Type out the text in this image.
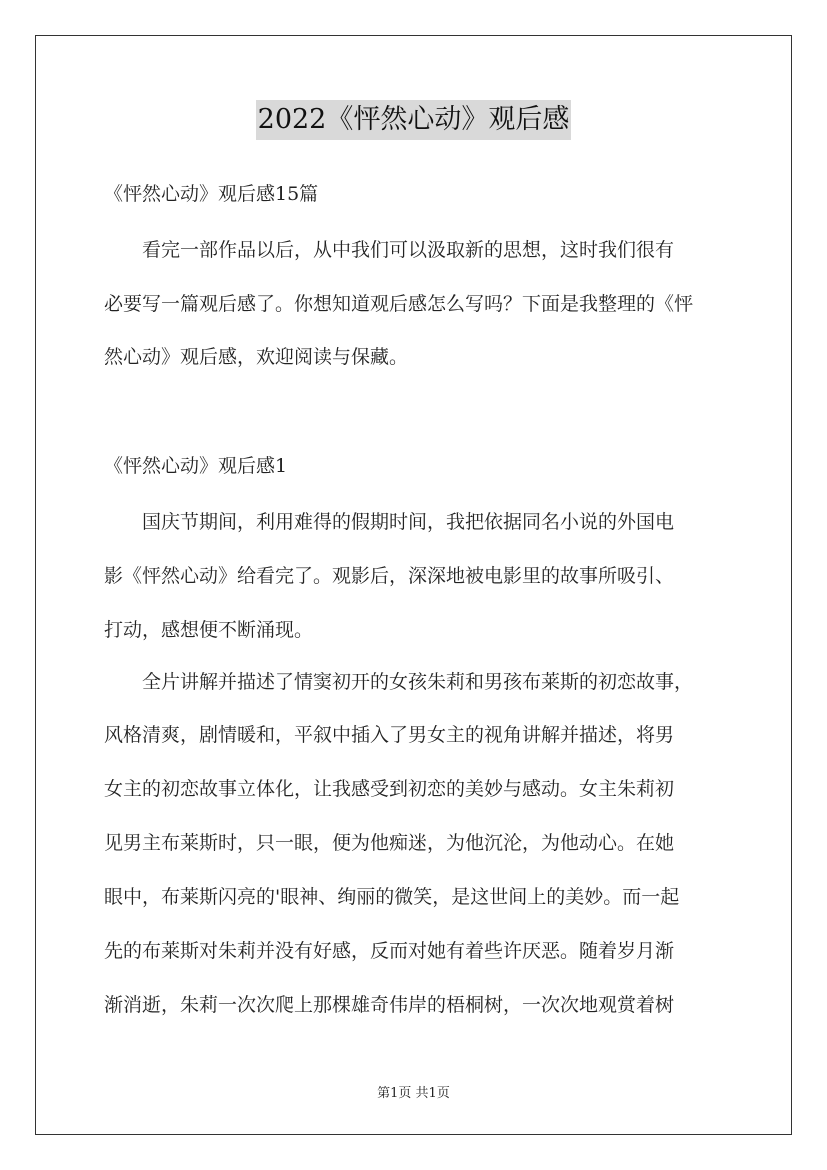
2022《怦然心动》观后感
《怦然心动》观后感15篇
看完一部作品以后，从中我们可以汲取新的思想，这时我们很有
必要写一篇观后感了。你想知道观后感怎么写吗？下面是我整理的《怦
然心动》观后感，欢迎阅读与保藏。
《怦然心动》观后感1
国庆节期间，利用难得的假期时间，我把依据同名小说的外国电
影《怦然心动》给看完了。观影后，深深地被电影里的故事所吸引、
打动，感想便不断涌现。
全片讲解并描述了情窦初开的女孩朱莉和男孩布莱斯的初恋故事，
风格清爽，剧情暖和，平叙中插入了男女主的视角讲解并描述，将男
女主的初恋故事立体化，让我感受到初恋的美妙与感动。女主朱莉初
见男主布莱斯时，只一眼，便为他痴迷，为他沉沦，为他动心。在她
眼中，布莱斯闪亮的'眼神、绚丽的微笑，是这世间上的美妙。而一起
先的布莱斯对朱莉并没有好感，反而对她有着些许厌恶。随着岁月渐
渐消逝，朱莉一次次爬上那棵雄奇伟岸的梧桐树，一次次地观赏着树
第1页 共1页
